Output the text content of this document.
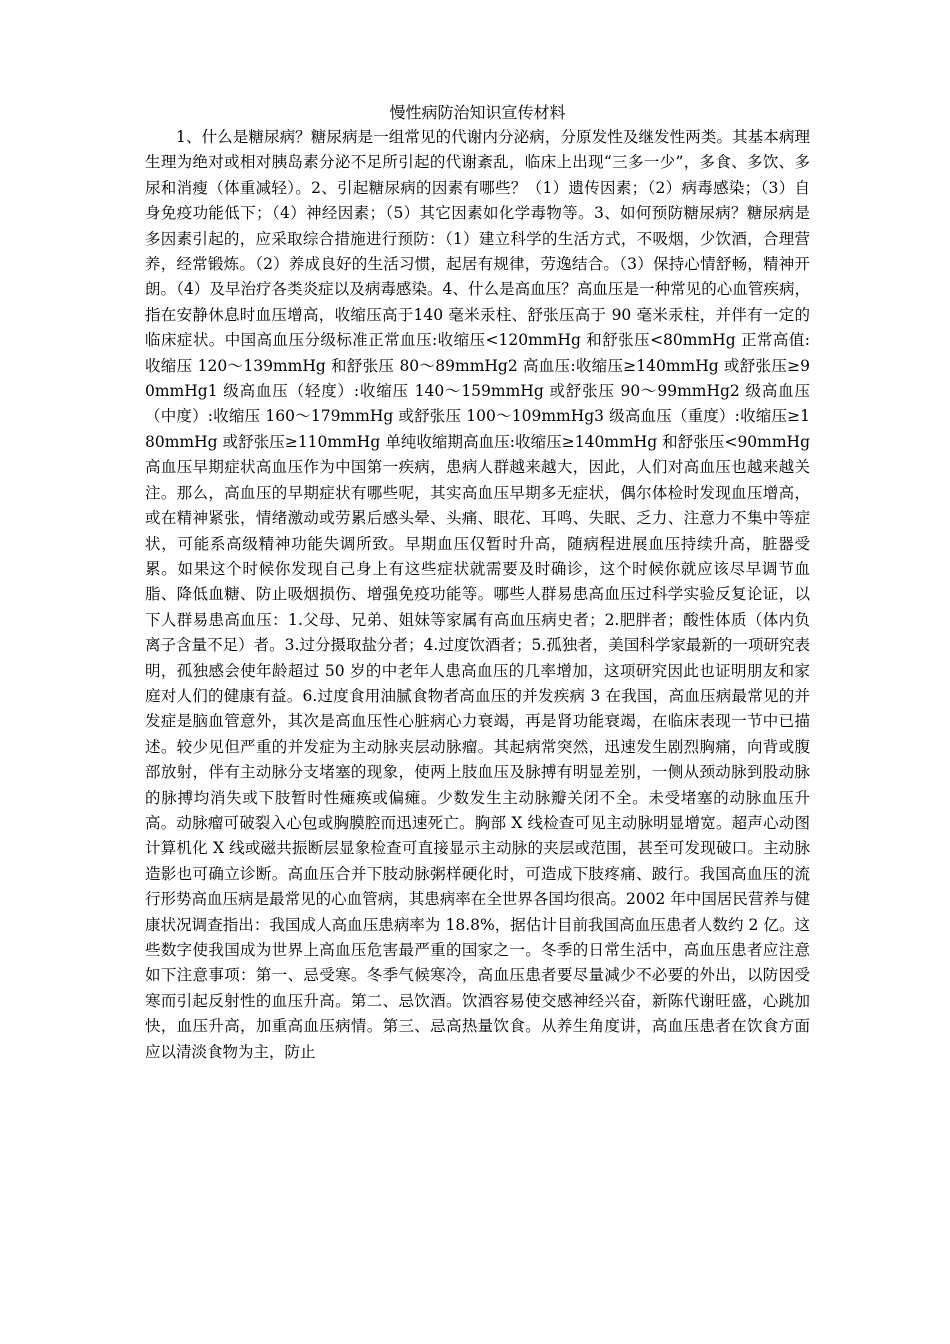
慢性病防治知识宣传材料

1、什么是糖尿病？糖尿病是一组常见的代谢内分泌病，分原发性及继发性两类。其基本病理生理为绝对或相对胰岛素分泌不足所引起的代谢紊乱，临床上出现“三多一少”，多食、多饮、多尿和消瘦（体重减轻）。2、引起糖尿病的因素有哪些？（1）遗传因素；（2）病毒感染；（3）自身免疫功能低下；（4）神经因素；（5）其它因素如化学毒物等。3、如何预防糖尿病？糖尿病是多因素引起的，应采取综合措施进行预防：（1）建立科学的生活方式，不吸烟，少饮酒，合理营养，经常锻炼。（2）养成良好的生活习惯，起居有规律，劳逸结合。（3）保持心情舒畅，精神开朗。（4）及早治疗各类炎症以及病毒感染。4、什么是高血压？高血压是一种常见的心血管疾病，指在安静休息时血压增高，收缩压高于140 毫米汞柱、舒张压高于 90 毫米汞柱，并伴有一定的临床症状。中国高血压分级标准正常血压:收缩压<120mmHg 和舒张压<80mmHg 正常高值:收缩压 120～139mmHg 和舒张压 80～89mmHg2 高血压:收缩压≥140mmHg 或舒张压≥90mmHg1 级高血压（轻度）:收缩压 140～159mmHg 或舒张压 90～99mmHg2 级高血压（中度）:收缩压 160～179mmHg 或舒张压 100～109mmHg3 级高血压（重度）:收缩压≥180mmHg 或舒张压≥110mmHg 单纯收缩期高血压:收缩压≥140mmHg 和舒张压<90mmHg 高血压早期症状高血压作为中国第一疾病，患病人群越来越大，因此，人们对高血压也越来越关注。那么，高血压的早期症状有哪些呢，其实高血压早期多无症状，偶尔体检时发现血压增高，或在精神紧张，情绪激动或劳累后感头晕、头痛、眼花、耳鸣、失眠、乏力、注意力不集中等症状，可能系高级精神功能失调所致。早期血压仅暂时升高，随病程进展血压持续升高，脏器受累。如果这个时候你发现自己身上有这些症状就需要及时确诊，这个时候你就应该尽早调节血脂、降低血糖、防止吸烟损伤、增强免疫功能等。哪些人群易患高血压过科学实验反复论证，以下人群易患高血压：1.父母、兄弟、姐妹等家属有高血压病史者；2.肥胖者；酸性体质（体内负离子含量不足）者。3.过分摄取盐分者；4.过度饮酒者；5.孤独者，美国科学家最新的一项研究表明，孤独感会使年龄超过 50 岁的中老年人患高血压的几率增加，这项研究因此也证明朋友和家庭对人们的健康有益。6.过度食用油腻食物者高血压的并发疾病 3 在我国，高血压病最常见的并发症是脑血管意外，其次是高血压性心脏病心力衰竭，再是肾功能衰竭，在临床表现一节中已描述。较少见但严重的并发症为主动脉夹层动脉瘤。其起病常突然，迅速发生剧烈胸痛，向背或腹部放射，伴有主动脉分支堵塞的现象，使两上肢血压及脉搏有明显差别，一侧从颈动脉到股动脉的脉搏均消失或下肢暂时性瘫痪或偏瘫。少数发生主动脉瓣关闭不全。未受堵塞的动脉血压升高。动脉瘤可破裂入心包或胸膜腔而迅速死亡。胸部 X 线检查可见主动脉明显增宽。超声心动图计算机化 X 线或磁共振断层显象检查可直接显示主动脉的夹层或范围，甚至可发现破口。主动脉造影也可确立诊断。高血压合并下肢动脉粥样硬化时，可造成下肢疼痛、跛行。我国高血压的流行形势高血压病是最常见的心血管病，其患病率在全世界各国均很高。2002 年中国居民营养与健康状况调查指出：我国成人高血压患病率为 18.8%，据估计目前我国高血压患者人数约 2 亿。这些数字使我国成为世界上高血压危害最严重的国家之一。冬季的日常生活中，高血压患者应注意如下注意事项：第一、忌受寒。冬季气候寒冷，高血压患者要尽量减少不必要的外出，以防因受寒而引起反射性的血压升高。第二、忌饮酒。饮酒容易使交感神经兴奋，新陈代谢旺盛，心跳加快，血压升高，加重高血压病情。第三、忌高热量饮食。从养生角度讲，高血压患者在饮食方面应以清淡食物为主，防止
